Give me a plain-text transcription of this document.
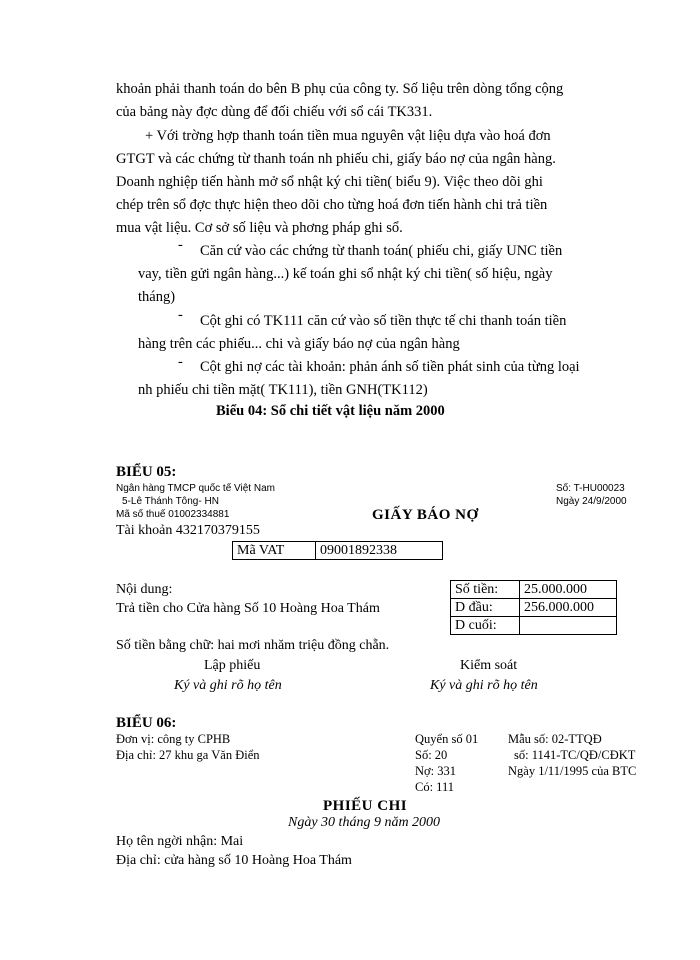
khoản phải thanh toán do bên B phụ của công ty. Số liệu trên dòng tổng cộng
của bảng này đợc dùng để đối chiếu với sổ cái TK331.
+ Với trờng hợp thanh toán tiền mua nguyên vật liệu dựa vào hoá đơn
GTGT và các chứng từ thanh toán nh phiếu chi, giấy báo nợ của ngân hàng.
Doanh nghiệp tiến hành mở sổ nhật ký chi tiền( biểu 9). Việc theo dõi ghi
chép trên sổ đợc thực hiện theo dõi cho từng hoá đơn tiến hành chi trả tiền
mua vật liệu. Cơ sở số liệu và phơng pháp ghi sổ.
- Căn cứ vào các chứng từ thanh toán( phiếu chi, giấy UNC tiền
vay, tiền gửi ngân hàng...) kế toán ghi sổ nhật ký chi tiền( số hiệu, ngày
tháng)
- Cột ghi có TK111 căn cứ vào số tiền thực tế chi thanh toán tiền
hàng trên các phiếu... chi và giấy báo nợ của ngân hàng
- Cột ghi nợ các tài khoản: phản ánh số tiền phát sinh của từng loại
nh phiếu chi tiền mặt( TK111), tiền GNH(TK112)
Biểu 04: Sổ chi tiết vật liệu năm 2000
BIỂU 05:
Ngân hàng TMCP quốc tế Việt Nam
5-Lê Thánh Tông- HN
Mã số thuế 01002334881
Số: T-HU00023
Ngày 24/9/2000
GIẤY BÁO NỢ
Tài khoản 432170379155
Mã VAT	09001892338
Nội dung:
Trả tiền cho Cửa hàng Số 10 Hoàng Hoa Thám
Số tiền:	25.000.000
D đầu:	256.000.000
D cuối:	
Số tiền bằng chữ: hai mơi nhăm triệu đồng chẵn.
Lập phiếu
Ký và ghi rõ họ tên
Kiểm soát
Ký và ghi rõ họ tên
BIỂU 06:
Đơn vị: công ty CPHB
Địa chỉ: 27 khu ga Văn Điển
Quyển số 01
Số: 20
Nợ: 331
Có: 111
Mẫu số: 02-TTQĐ
số: 1141-TC/QĐ/CĐKT
Ngày 1/11/1995 của BTC
PHIẾU CHI
Ngày 30 tháng 9 năm 2000
Họ tên ngời nhận: Mai
Địa chỉ: cửa hàng số 10 Hoàng Hoa Thám
